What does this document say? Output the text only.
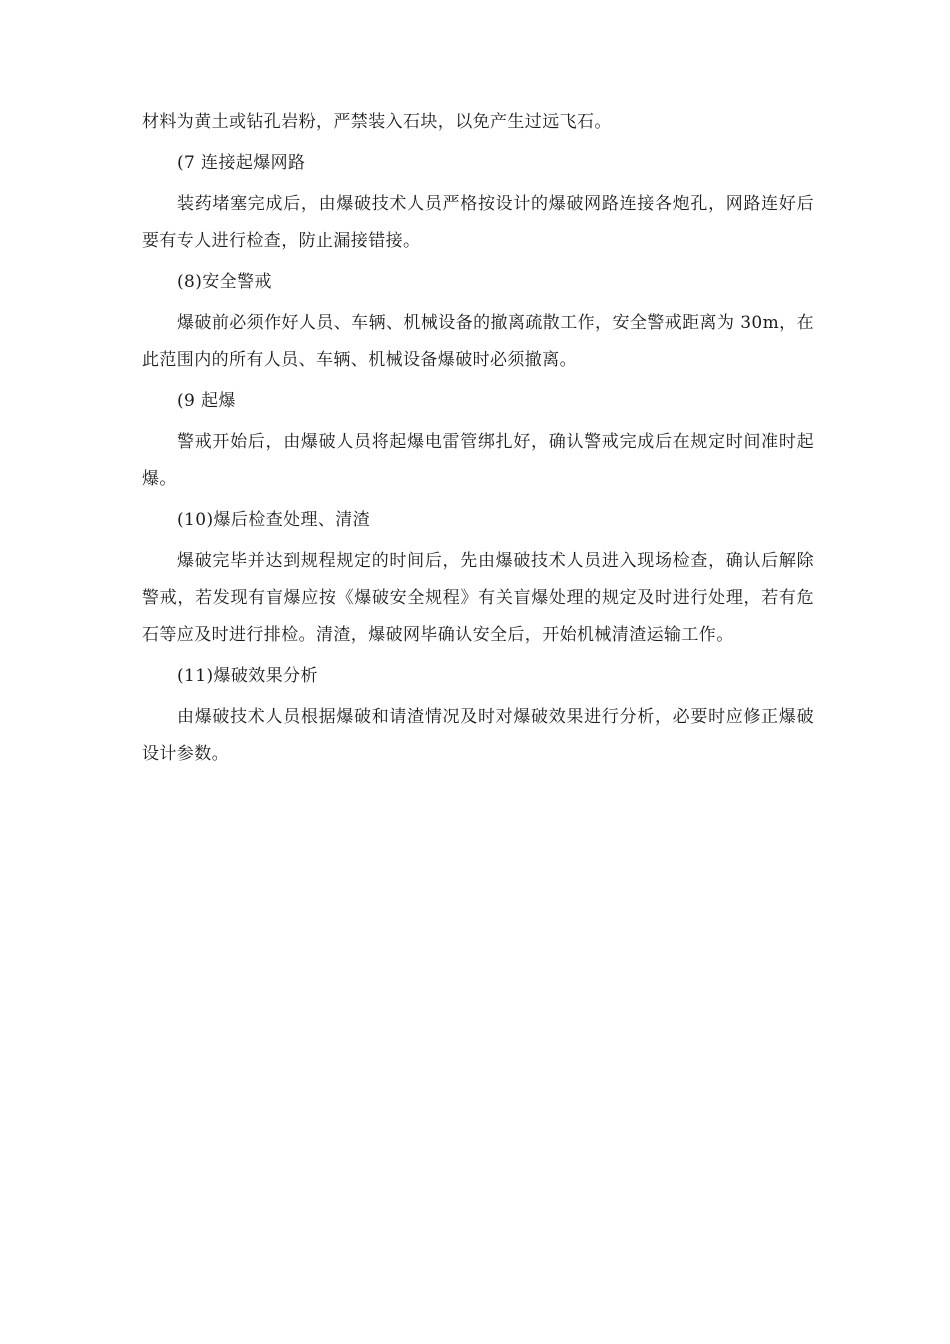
材料为黄土或钻孔岩粉，严禁装入石块，以免产生过远飞石。

(7 连接起爆网路

装药堵塞完成后，由爆破技术人员严格按设计的爆破网路连接各炮孔，网路连好后要有专人进行检查，防止漏接错接。

(8)安全警戒

爆破前必须作好人员、车辆、机械设备的撤离疏散工作，安全警戒距离为 30m，在此范围内的所有人员、车辆、机械设备爆破时必须撤离。

(9 起爆

警戒开始后，由爆破人员将起爆电雷管绑扎好，确认警戒完成后在规定时间准时起爆。

(10)爆后检查处理、清渣

爆破完毕并达到规程规定的时间后，先由爆破技术人员进入现场检查，确认后解除警戒，若发现有盲爆应按《爆破安全规程》有关盲爆处理的规定及时进行处理，若有危石等应及时进行排检。清渣，爆破网毕确认安全后，开始机械清渣运输工作。

(11)爆破效果分析

由爆破技术人员根据爆破和请渣情况及时对爆破效果进行分析，必要时应修正爆破设计参数。
